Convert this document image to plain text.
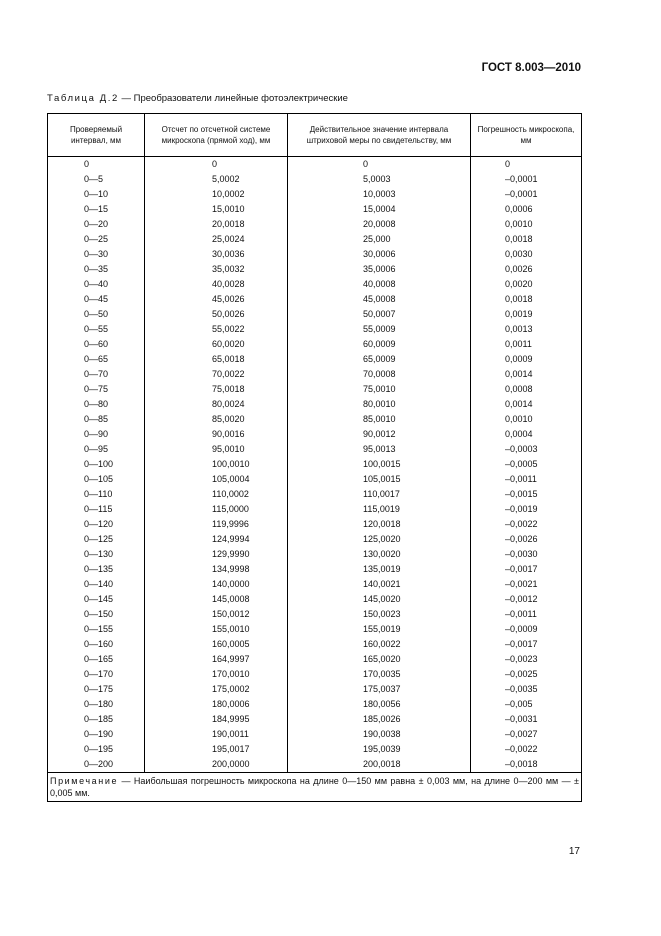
ГОСТ 8.003—2010
Таблица Д.2 — Преобразователи линейные фотоэлектрические
Проверяемый интервал, мм	Отсчет по отсчетной системе микроскопа (прямой ход), мм	Действительное значение интервала штриховой меры по свидетельству, мм	Погрешность микроскопа, мм
0	0	0	0
0—5	5,0002	5,0003	–0,0001
0—10	10,0002	10,0003	–0,0001
0—15	15,0010	15,0004	0,0006
0—20	20,0018	20,0008	0,0010
0—25	25,0024	25,000	0,0018
0—30	30,0036	30,0006	0,0030
0—35	35,0032	35,0006	0,0026
0—40	40,0028	40,0008	0,0020
0—45	45,0026	45,0008	0,0018
0—50	50,0026	50,0007	0,0019
0—55	55,0022	55,0009	0,0013
0—60	60,0020	60,0009	0,0011
0—65	65,0018	65,0009	0,0009
0—70	70,0022	70,0008	0,0014
0—75	75,0018	75,0010	0,0008
0—80	80,0024	80,0010	0,0014
0—85	85,0020	85,0010	0,0010
0—90	90,0016	90,0012	0,0004
0—95	95,0010	95,0013	–0,0003
0—100	100,0010	100,0015	–0,0005
0—105	105,0004	105,0015	–0,0011
0—110	110,0002	110,0017	–0,0015
0—115	115,0000	115,0019	–0,0019
0—120	119,9996	120,0018	–0,0022
0—125	124,9994	125,0020	–0,0026
0—130	129,9990	130,0020	–0,0030
0—135	134,9998	135,0019	–0,0017
0—140	140,0000	140,0021	–0,0021
0—145	145,0008	145,0020	–0,0012
0—150	150,0012	150,0023	–0,0011
0—155	155,0010	155,0019	–0,0009
0—160	160,0005	160,0022	–0,0017
0—165	164,9997	165,0020	–0,0023
0—170	170,0010	170,0035	–0,0025
0—175	175,0002	175,0037	–0,0035
0—180	180,0006	180,0056	–0,005
0—185	184,9995	185,0026	–0,0031
0—190	190,0011	190,0038	–0,0027
0—195	195,0017	195,0039	–0,0022
0—200	200,0000	200,0018	–0,0018
Примечание — Наибольшая погрешность микроскопа на длине 0—150 мм равна ± 0,003 мм, на длине 0—200 мм — ± 0,005 мм.			
17
